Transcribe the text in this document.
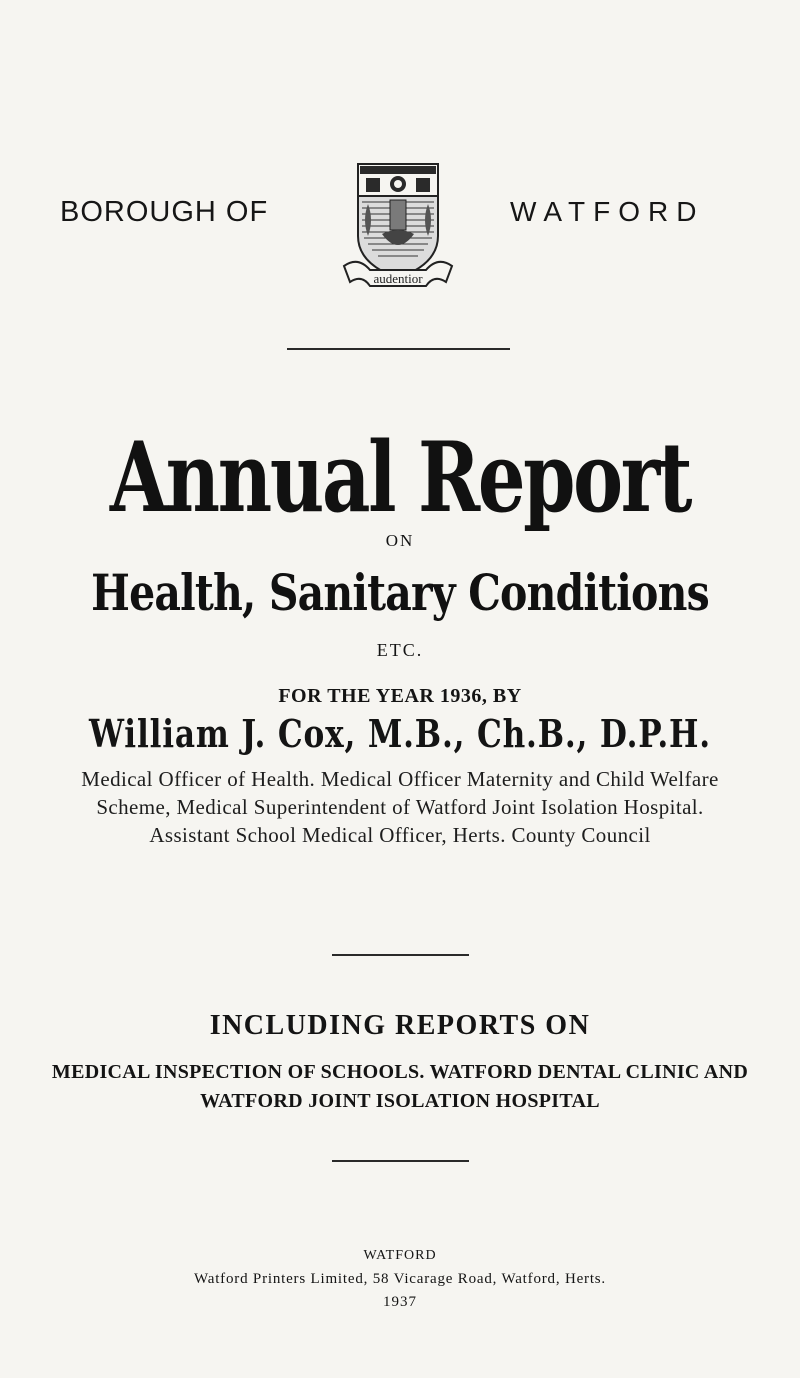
BOROUGH OF
audentior
WATFORD
Annual Report
ON
Health, Sanitary Conditions
ETC.
FOR THE YEAR 1936, BY
William J. Cox, M.B., Ch.B., D.P.H.
Medical Officer of Health. Medical Officer Maternity and Child Welfare Scheme, Medical Superintendent of Watford Joint Isolation Hospital. Assistant School Medical Officer, Herts. County Council
INCLUDING REPORTS ON
MEDICAL INSPECTION OF SCHOOLS. WATFORD DENTAL CLINIC AND WATFORD JOINT ISOLATION HOSPITAL
WATFORD
Watford Printers Limited, 58 Vicarage Road, Watford, Herts.
1937
